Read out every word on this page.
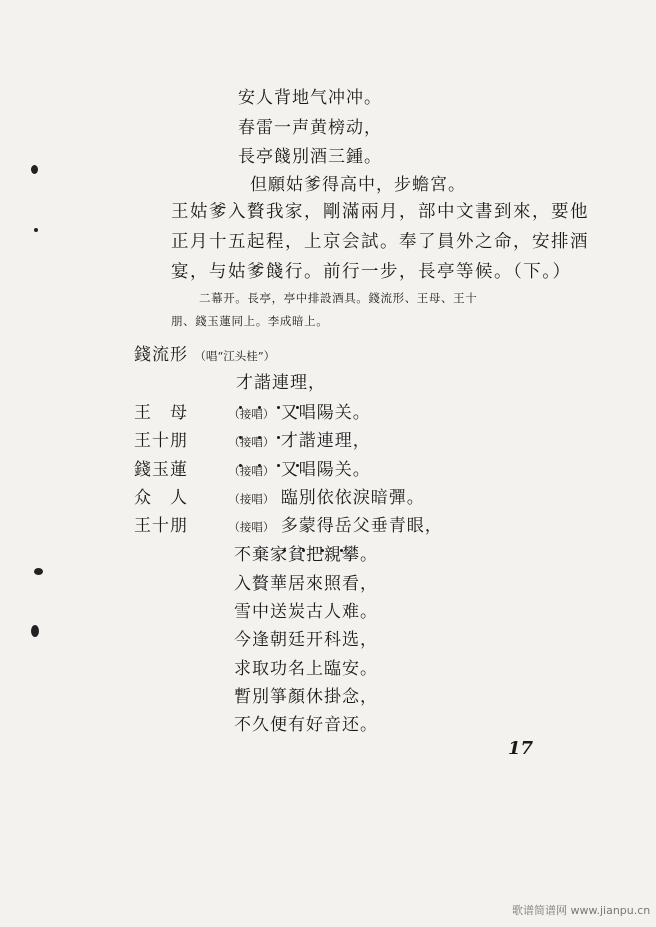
安人背地气冲冲。
春雷一声黄榜动，
長亭餞別酒三鍾。
但願姑爹得高中，步蟾宮。
王姑爹入贅我家，剛滿兩月，部中文書到來，要他
正月十五起程，上京会試。奉了員外之命，安排酒
宴，与姑爹餞行。前行一步，長亭等候。（下。）
二幕开。長亭，亭中排設酒具。錢流形、王母、王十
朋、錢玉蓮同上。李成暗上。
錢流形 （唱“江头桂”）
才諧連理，
王　母	（接唱） 又唱陽关。
王十朋	（接唱） 才諧連理，
錢玉蓮	（接唱） 又唱陽关。
众　人	（接唱） 臨別依依淚暗彈。
王十朋	（接唱） 多蒙得岳父垂青眼，
不棄家貧把親攀。
入贅華居來照看，
雪中送炭古人难。
今逢朝廷开科选，
求取功名上臨安。
暫別箏顏休掛念，
不久便有好音还。
17
歌谱简谱网 www.jianpu.cn
